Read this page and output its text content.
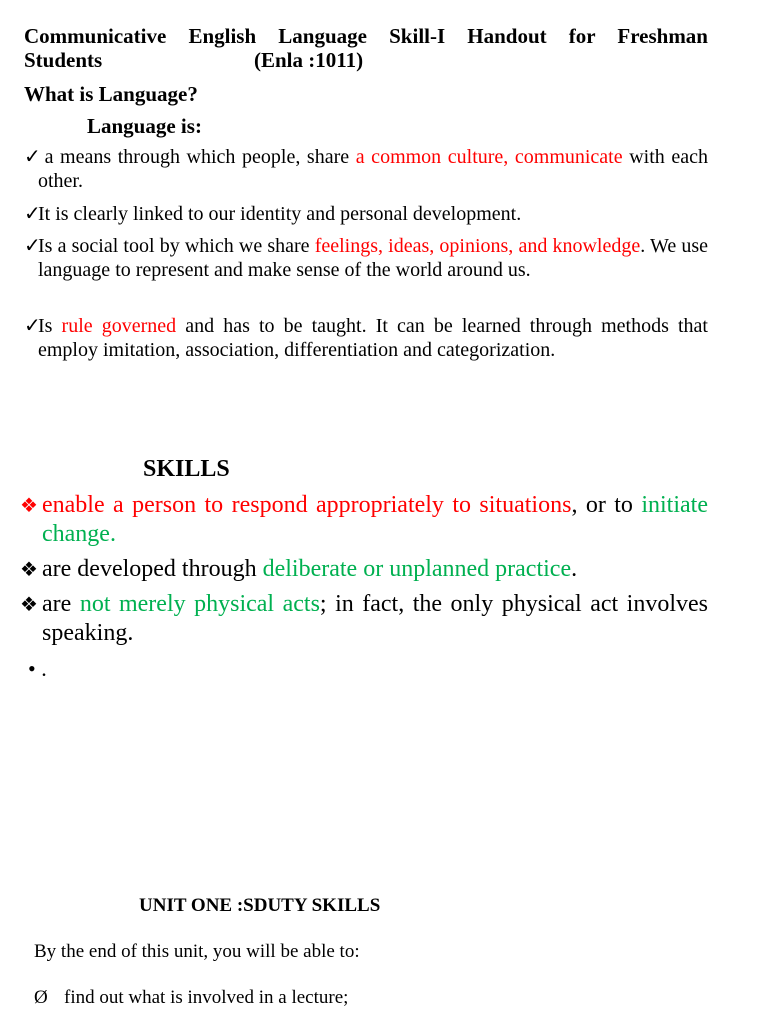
Communicative English Language Skill-I Handout for Freshman
Students	(Enla :1011)
What is Language?
Language is:
✓ a means through which people, share a common culture, communicate with each other.
✓It is clearly linked to our identity and personal development.
✓Is a social tool by which we share feelings, ideas, opinions, and knowledge. We use language to represent and make sense of the world around us.
✓Is rule governed and has to be taught. It can be learned through methods that employ imitation, association, differentiation and categorization.
SKILLS
❖ enable a person to respond appropriately to situations, or to initiate change.
❖ are developed through deliberate or unplanned practice.
❖ are not merely physical acts; in fact, the only physical act involves speaking.
• .
UNIT ONE :SDUTY SKILLS
By the end of this unit, you will be able to:
Ø find out what is involved in a lecture;
